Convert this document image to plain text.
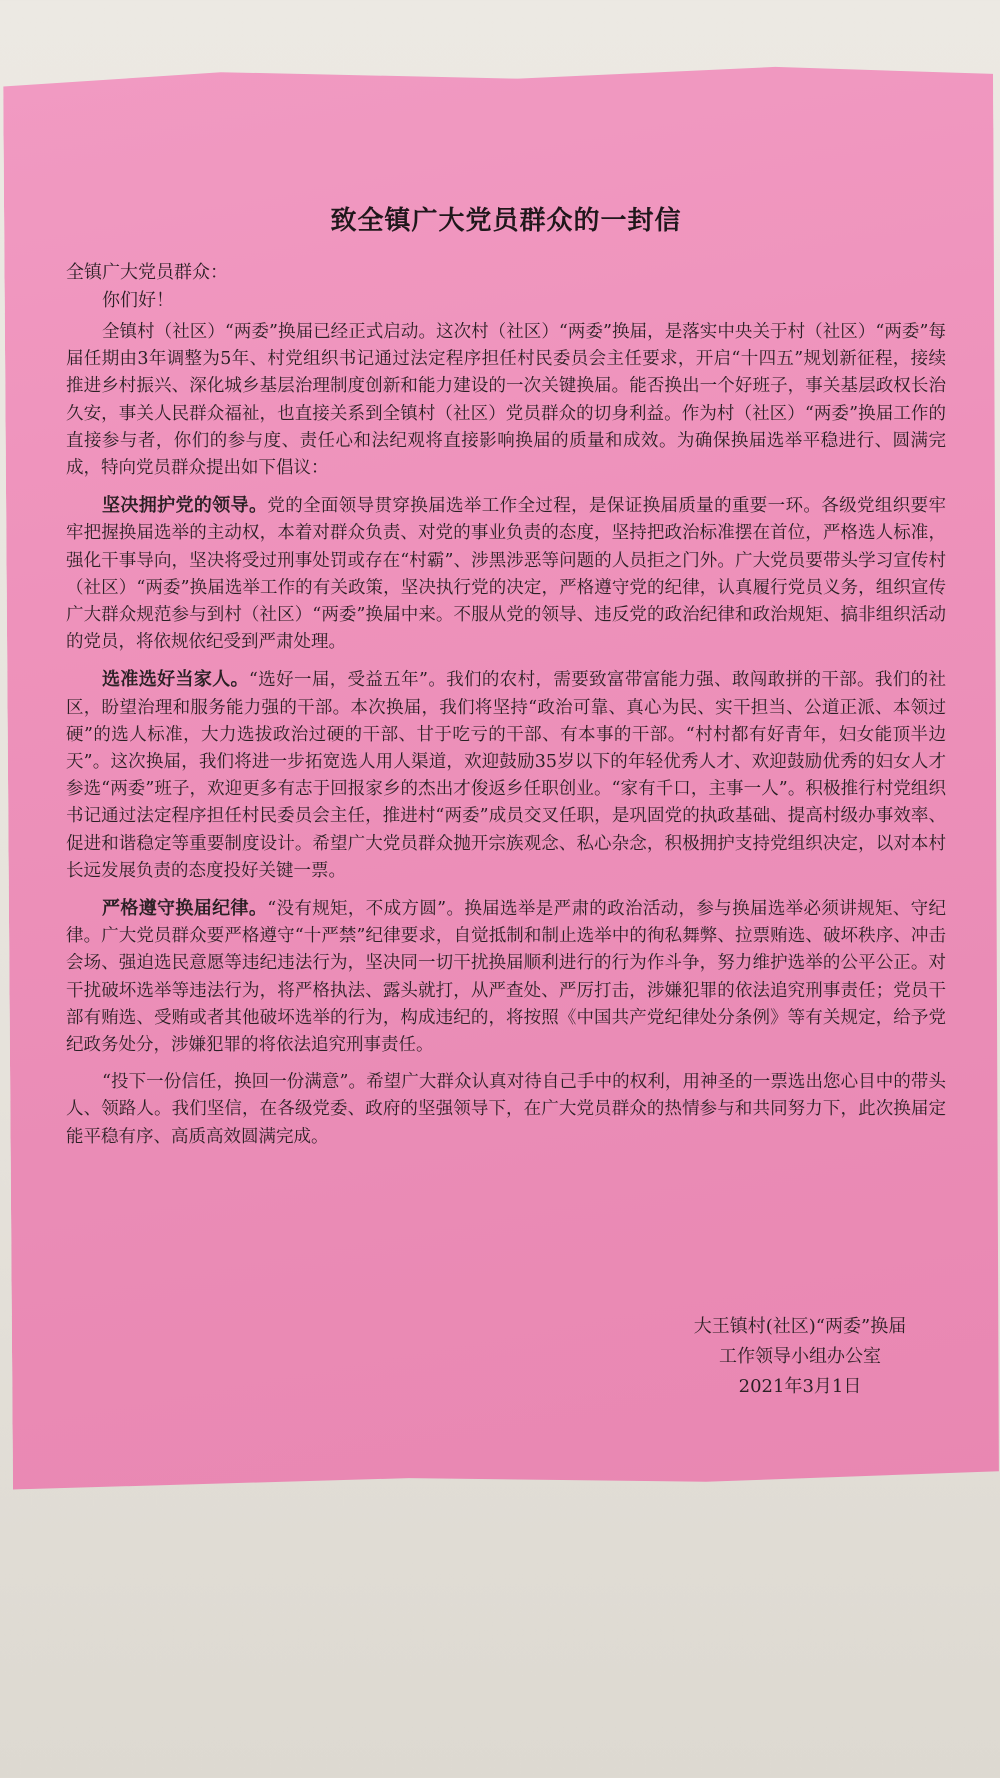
致全镇广大党员群众的一封信

全镇广大党员群众：

你们好！

全镇村（社区）“两委”换届已经正式启动。这次村（社区）“两委”换届，是落实中央关于村（社区）“两委”每届任期由3年调整为5年、村党组织书记通过法定程序担任村民委员会主任要求，开启“十四五”规划新征程，接续推进乡村振兴、深化城乡基层治理制度创新和能力建设的一次关键换届。能否换出一个好班子，事关基层政权长治久安，事关人民群众福祉，也直接关系到全镇村（社区）党员群众的切身利益。作为村（社区）“两委”换届工作的直接参与者，你们的参与度、责任心和法纪观将直接影响换届的质量和成效。为确保换届选举平稳进行、圆满完成，特向党员群众提出如下倡议：

坚决拥护党的领导。党的全面领导贯穿换届选举工作全过程，是保证换届质量的重要一环。各级党组织要牢牢把握换届选举的主动权，本着对群众负责、对党的事业负责的态度，坚持把政治标准摆在首位，严格选人标准，强化干事导向，坚决将受过刑事处罚或存在“村霸”、涉黑涉恶等问题的人员拒之门外。广大党员要带头学习宣传村（社区）“两委”换届选举工作的有关政策，坚决执行党的决定，严格遵守党的纪律，认真履行党员义务，组织宣传广大群众规范参与到村（社区）“两委”换届中来。不服从党的领导、违反党的政治纪律和政治规矩、搞非组织活动的党员，将依规依纪受到严肃处理。

选准选好当家人。“选好一届，受益五年”。我们的农村，需要致富带富能力强、敢闯敢拼的干部。我们的社区，盼望治理和服务能力强的干部。本次换届，我们将坚持“政治可靠、真心为民、实干担当、公道正派、本领过硬”的选人标准，大力选拔政治过硬的干部、甘于吃亏的干部、有本事的干部。“村村都有好青年，妇女能顶半边天”。这次换届，我们将进一步拓宽选人用人渠道，欢迎鼓励35岁以下的年轻优秀人才、欢迎鼓励优秀的妇女人才参选“两委”班子，欢迎更多有志于回报家乡的杰出才俊返乡任职创业。“家有千口，主事一人”。积极推行村党组织书记通过法定程序担任村民委员会主任，推进村“两委”成员交叉任职，是巩固党的执政基础、提高村级办事效率、促进和谐稳定等重要制度设计。希望广大党员群众抛开宗族观念、私心杂念，积极拥护支持党组织决定，以对本村长远发展负责的态度投好关键一票。

严格遵守换届纪律。“没有规矩，不成方圆”。换届选举是严肃的政治活动，参与换届选举必须讲规矩、守纪律。广大党员群众要严格遵守“十严禁”纪律要求，自觉抵制和制止选举中的徇私舞弊、拉票贿选、破坏秩序、冲击会场、强迫选民意愿等违纪违法行为，坚决同一切干扰换届顺利进行的行为作斗争，努力维护选举的公平公正。对干扰破坏选举等违法行为，将严格执法、露头就打，从严查处、严厉打击，涉嫌犯罪的依法追究刑事责任；党员干部有贿选、受贿或者其他破坏选举的行为，构成违纪的，将按照《中国共产党纪律处分条例》等有关规定，给予党纪政务处分，涉嫌犯罪的将依法追究刑事责任。

“投下一份信任，换回一份满意”。希望广大群众认真对待自己手中的权利，用神圣的一票选出您心目中的带头人、领路人。我们坚信，在各级党委、政府的坚强领导下，在广大党员群众的热情参与和共同努力下，此次换届定能平稳有序、高质高效圆满完成。

大王镇村(社区)“两委”换届

工作领导小组办公室

2021年3月1日
